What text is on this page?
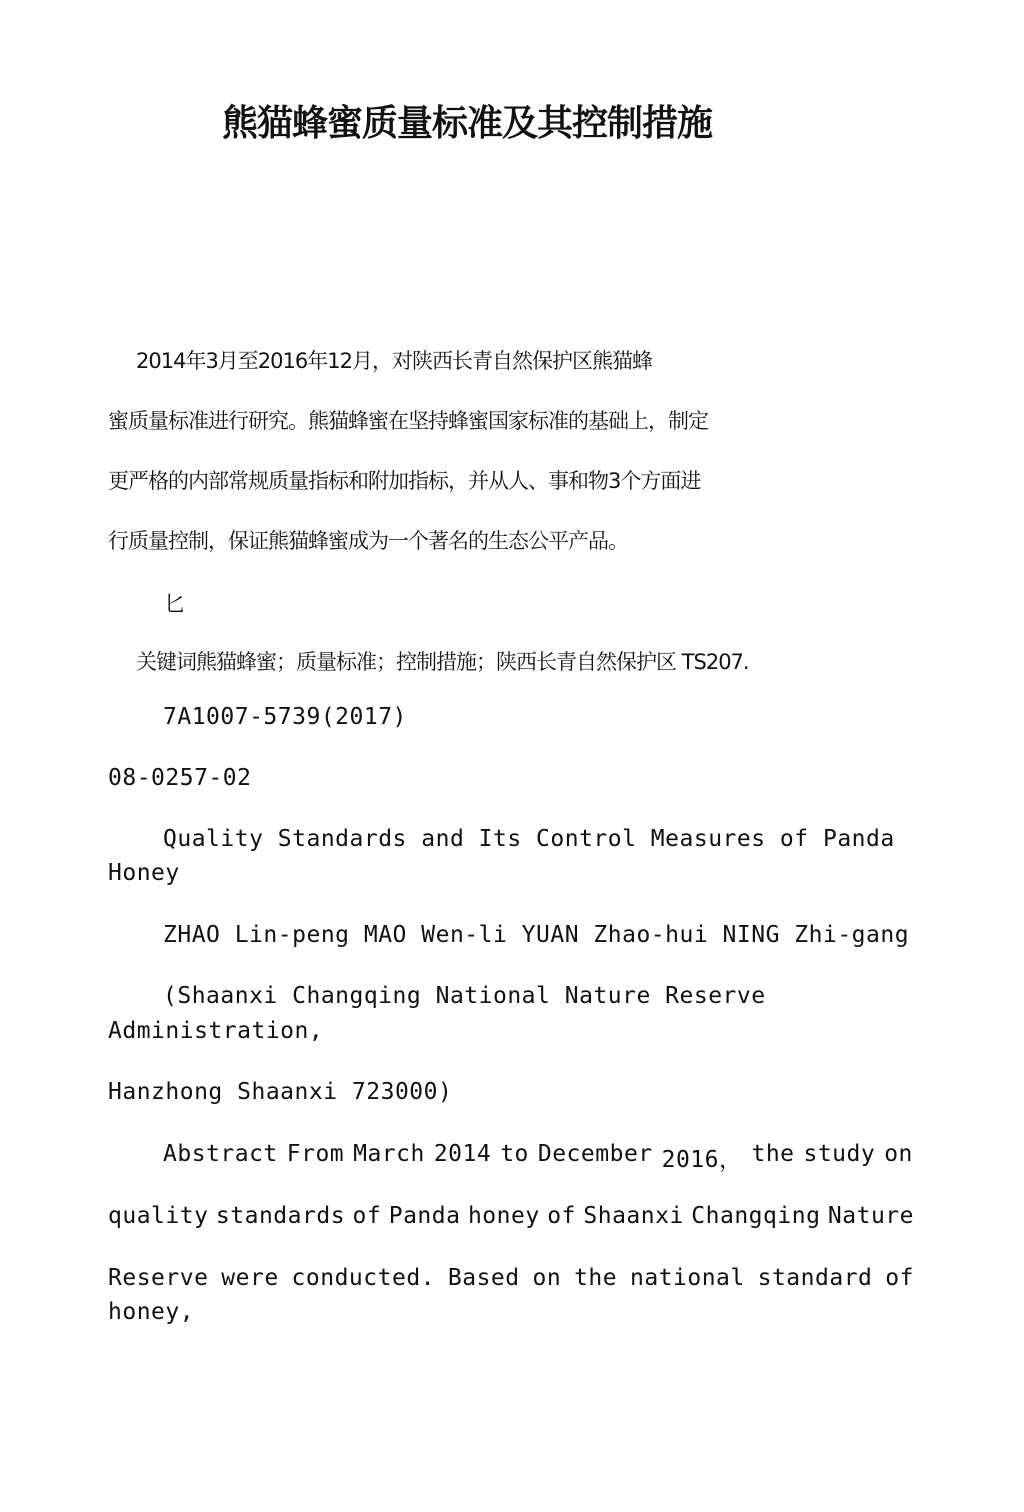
熊猫蜂蜜质量标准及其控制措施

2014年3月至2016年12月，对陕西长青自然保护区熊猫蜂

蜜质量标准进行研究。熊猫蜂蜜在坚持蜂蜜国家标准的基础上，制定

更严格的内部常规质量指标和附加指标，并从人、事和物3个方面进

行质量控制，保证熊猫蜂蜜成为一个著名的生态公平产品。

匕

关键词熊猫蜂蜜；质量标准；控制措施；陕西长青自然保护区 TS207.

7A1007-5739(2017)

08-0257-02

Quality Standards and Its Control Measures of Panda

Honey

ZHAO Lin-peng MAO Wen-li YUAN Zhao-hui NING Zhi-gang

(Shaanxi Changqing National Nature Reserve

Administration,

Hanzhong Shaanxi 723000)

Abstract From March 2014 to December 2016， the study on
quality standards of Panda honey of Shaanxi Changqing Nature
Reserve were conducted. Based on the national standard of

honey,
